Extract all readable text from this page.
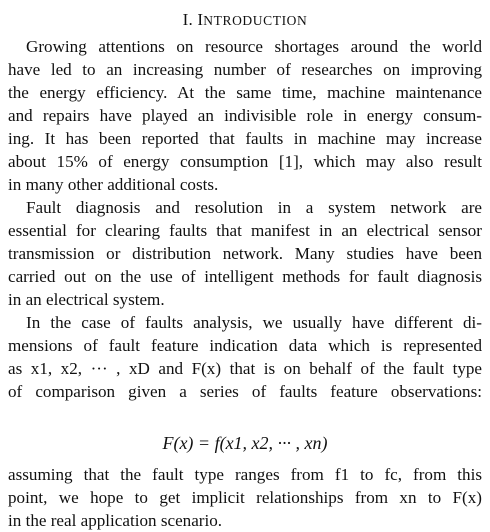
I. INTRODUCTION
Growing attentions on resource shortages around the world
have led to an increasing number of researches on improving
the energy efficiency. At the same time, machine maintenance
and repairs have played an indivisible role in energy consum-
ing. It has been reported that faults in machine may increase
about 15% of energy consumption [1], which may also result
in many other additional costs.
Fault diagnosis and resolution in a system network are
essential for clearing faults that manifest in an electrical sensor
transmission or distribution network. Many studies have been
carried out on the use of intelligent methods for fault diagnosis
in an electrical system.
In the case of faults analysis, we usually have different di-
mensions of fault feature indication data which is represented
as x1, x2, ··· , xD and F(x) that is on behalf of the fault type
of comparison given a series of faults feature observations:
F(x) = f(x1, x2, ··· , xn)
assuming that the fault type ranges from f1 to fc, from this
point, we hope to get implicit relationships from xn to F(x)
in the real application scenario.
